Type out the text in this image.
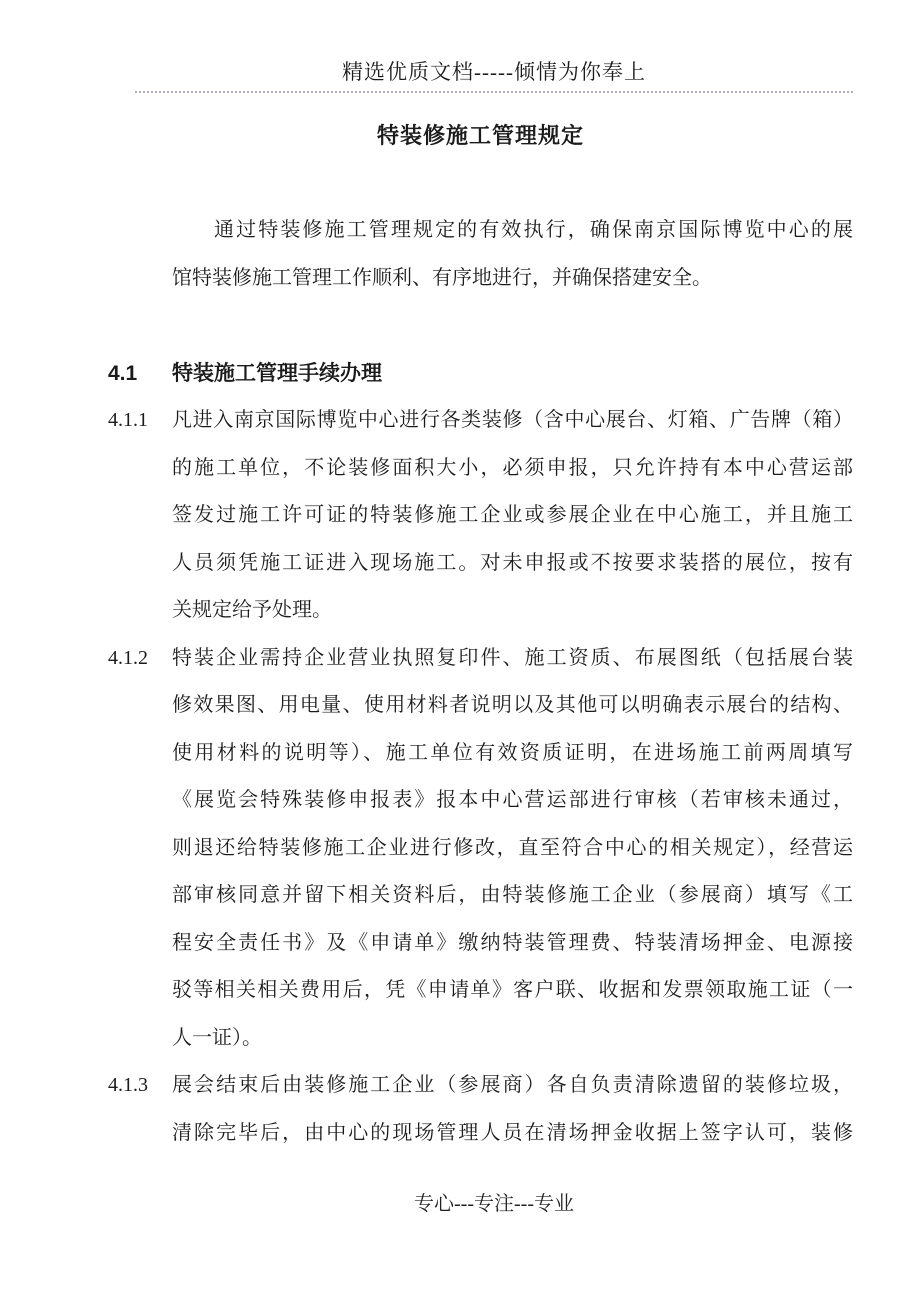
精选优质文档-----倾情为你奉上
特装修施工管理规定
通过特装修施工管理规定的有效执行，确保南京国际博览中心的展
馆特装修施工管理工作顺利、有序地进行，并确保搭建安全。
4.1 特装施工管理手续办理
4.1.1 凡进入南京国际博览中心进行各类装修（含中心展台、灯箱、广告牌（箱）
的施工单位，不论装修面积大小，必须申报，只允许持有本中心营运部
签发过施工许可证的特装修施工企业或参展企业在中心施工，并且施工
人员须凭施工证进入现场施工。对未申报或不按要求装搭的展位，按有
关规定给予处理。
4.1.2 特装企业需持企业营业执照复印件、施工资质、布展图纸（包括展台装
修效果图、用电量、使用材料者说明以及其他可以明确表示展台的结构、
使用材料的说明等）、施工单位有效资质证明，在进场施工前两周填写
《展览会特殊装修申报表》报本中心营运部进行审核（若审核未通过，
则退还给特装修施工企业进行修改，直至符合中心的相关规定），经营运
部审核同意并留下相关资料后，由特装修施工企业（参展商）填写《工
程安全责任书》及《申请单》缴纳特装管理费、特装清场押金、电源接
驳等相关相关费用后，凭《申请单》客户联、收据和发票领取施工证（一
人一证）。
4.1.3 展会结束后由装修施工企业（参展商）各自负责清除遗留的装修垃圾，
清除完毕后，由中心的现场管理人员在清场押金收据上签字认可，装修
专心---专注---专业
